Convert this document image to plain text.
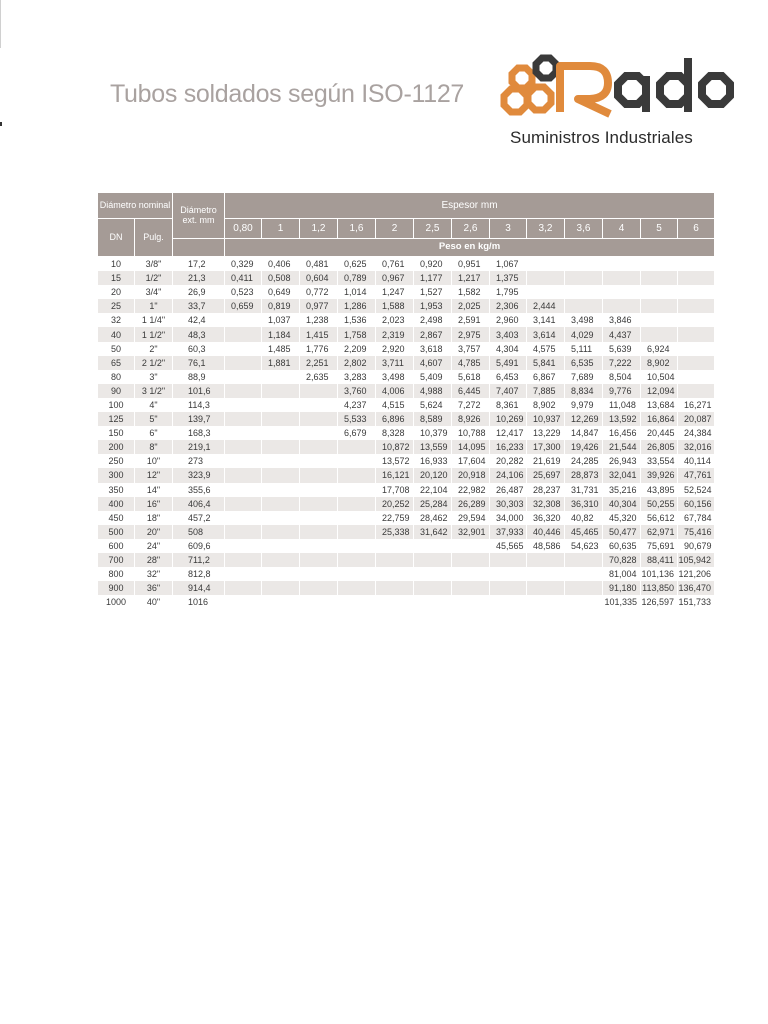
Tubos soldados según ISO-1127
Suministros Industriales
Diámetro nominal		Diámetro ext. mm	Espesor mm												
DN	Pulg.		0,80	1	1,2	1,6	2	2,5	2,6	3	3,2	3,6	4	5	6
			Peso en kg/m												
10	3/8"	17,2	0,329	0,406	0,481	0,625	0,761	0,920	0,951	1,067					
15	1/2"	21,3	0,411	0,508	0,604	0,789	0,967	1,177	1,217	1,375					
20	3/4"	26,9	0,523	0,649	0,772	1,014	1,247	1,527	1,582	1,795					
25	1"	33,7	0,659	0,819	0,977	1,286	1,588	1,953	2,025	2,306	2,444				
32	1 1/4"	42,4		1,037	1,238	1,536	2,023	2,498	2,591	2,960	3,141	3,498	3,846		
40	1 1/2"	48,3		1,184	1,415	1,758	2,319	2,867	2,975	3,403	3,614	4,029	4,437		
50	2"	60,3		1,485	1,776	2,209	2,920	3,618	3,757	4,304	4,575	5,111	5,639	6,924	
65	2 1/2"	76,1		1,881	2,251	2,802	3,711	4,607	4,785	5,491	5,841	6,535	7,222	8,902	
80	3"	88,9			2,635	3,283	3,498	5,409	5,618	6,453	6,867	7,689	8,504	10,504	
90	3 1/2"	101,6				3,760	4,006	4,988	6,445	7,407	7,885	8,834	9,776	12,094	
100	4"	114,3				4,237	4,515	5,624	7,272	8,361	8,902	9,979	11,048	13,684	16,271
125	5"	139,7				5,533	6,896	8,589	8,926	10,269	10,937	12,269	13,592	16,864	20,087
150	6"	168,3				6,679	8,328	10,379	10,788	12,417	13,229	14,847	16,456	20,445	24,384
200	8"	219,1					10,872	13,559	14,095	16,233	17,300	19,426	21,544	26,805	32,016
250	10"	273					13,572	16,933	17,604	20,282	21,619	24,285	26,943	33,554	40,114
300	12"	323,9					16,121	20,120	20,918	24,106	25,697	28,873	32,041	39,926	47,761
350	14"	355,6					17,708	22,104	22,982	26,487	28,237	31,731	35,216	43,895	52,524
400	16"	406,4					20,252	25,284	26,289	30,303	32,308	36,310	40,304	50,255	60,156
450	18"	457,2					22,759	28,462	29,594	34,000	36,320	40,82	45,320	56,612	67,784
500	20"	508					25,338	31,642	32,901	37,933	40,446	45,465	50,477	62,971	75,416
600	24"	609,6								45,565	48,586	54,623	60,635	75,691	90,679
700	28"	711,2											70,828	88,411	105,942
800	32"	812,8											81,004	101,136	121,206
900	36"	914,4											91,180	113,850	136,470
1000	40"	1016											101,335	126,597	151,733
